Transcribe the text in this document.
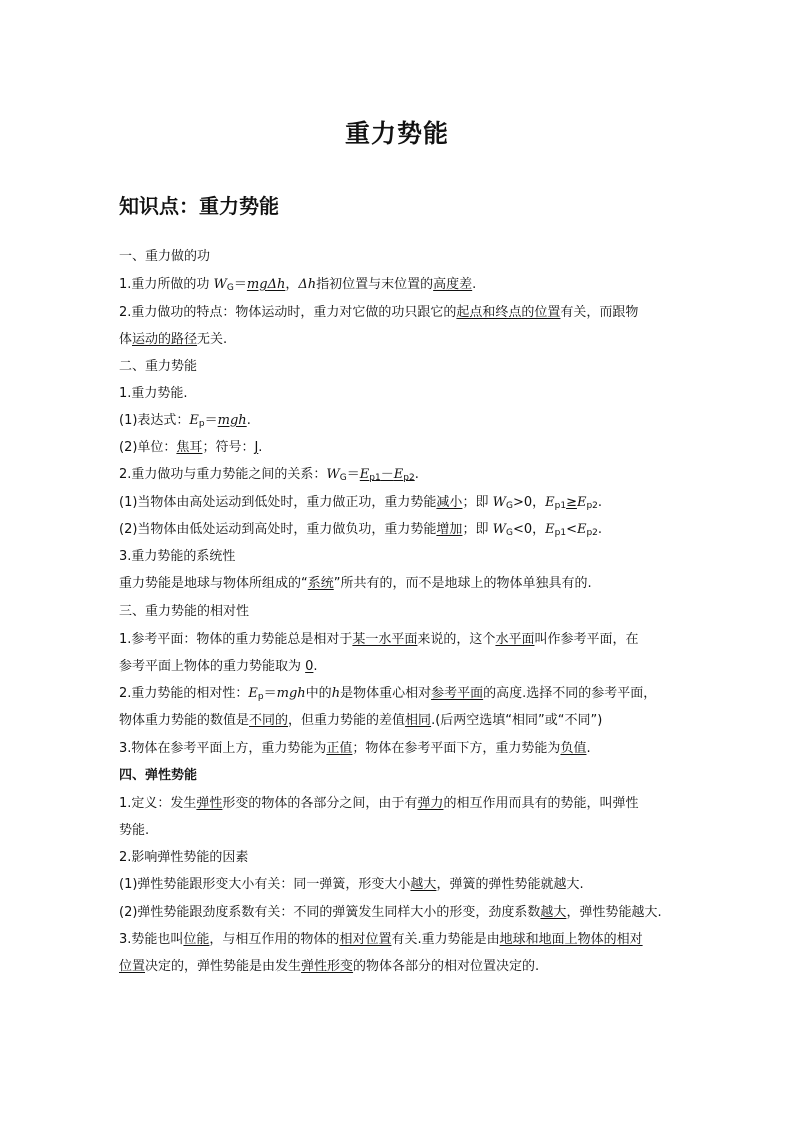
重力势能
知识点：重力势能
一、重力做的功
1.重力所做的功 $W_G=mg\Delta h$，Δh指初位置与末位置的高度差.
2.重力做功的特点：物体运动时，重力对它做的功只跟它的起点和终点的位置有关，而跟物
体运动的路径无关.
二、重力势能
1.重力势能.
(1)表达式：$E_p=mgh$.
(2)单位：焦耳；符号：J.
2.重力做功与重力势能之间的关系：$W_G=E_{p1}-E_{p2}$.
(1)当物体由高处运动到低处时，重力做正功，重力势能减小；即 $W_G>0$，$E_{p1}\ge E_{p2}$.
(2)当物体由低处运动到高处时，重力做负功，重力势能增加；即 $W_G<0$，$E_{p1}<E_{p2}$.
3.重力势能的系统性
重力势能是地球与物体所组成的“系统”所共有的，而不是地球上的物体单独具有的.
三、重力势能的相对性
1.参考平面：物体的重力势能总是相对于某一水平面来说的，这个水平面叫作参考平面，在
参考平面上物体的重力势能取为 0.
2.重力势能的相对性：$E_p=mgh$中的h是物体重心相对参考平面的高度.选择不同的参考平面，
物体重力势能的数值是不同的，但重力势能的差值相同.(后两空选填“相同”或“不同”)
3.物体在参考平面上方，重力势能为正值；物体在参考平面下方，重力势能为负值.
四、弹性势能
1.定义：发生弹性形变的物体的各部分之间，由于有弹力的相互作用而具有的势能，叫弹性
势能.
2.影响弹性势能的因素
(1)弹性势能跟形变大小有关：同一弹簧，形变大小越大，弹簧的弹性势能就越大.
(2)弹性势能跟劲度系数有关：不同的弹簧发生同样大小的形变，劲度系数越大，弹性势能越大.
3.势能也叫位能，与相互作用的物体的相对位置有关.重力势能是由地球和地面上物体的相对
位置决定的，弹性势能是由发生弹性形变的物体各部分的相对位置决定的.
